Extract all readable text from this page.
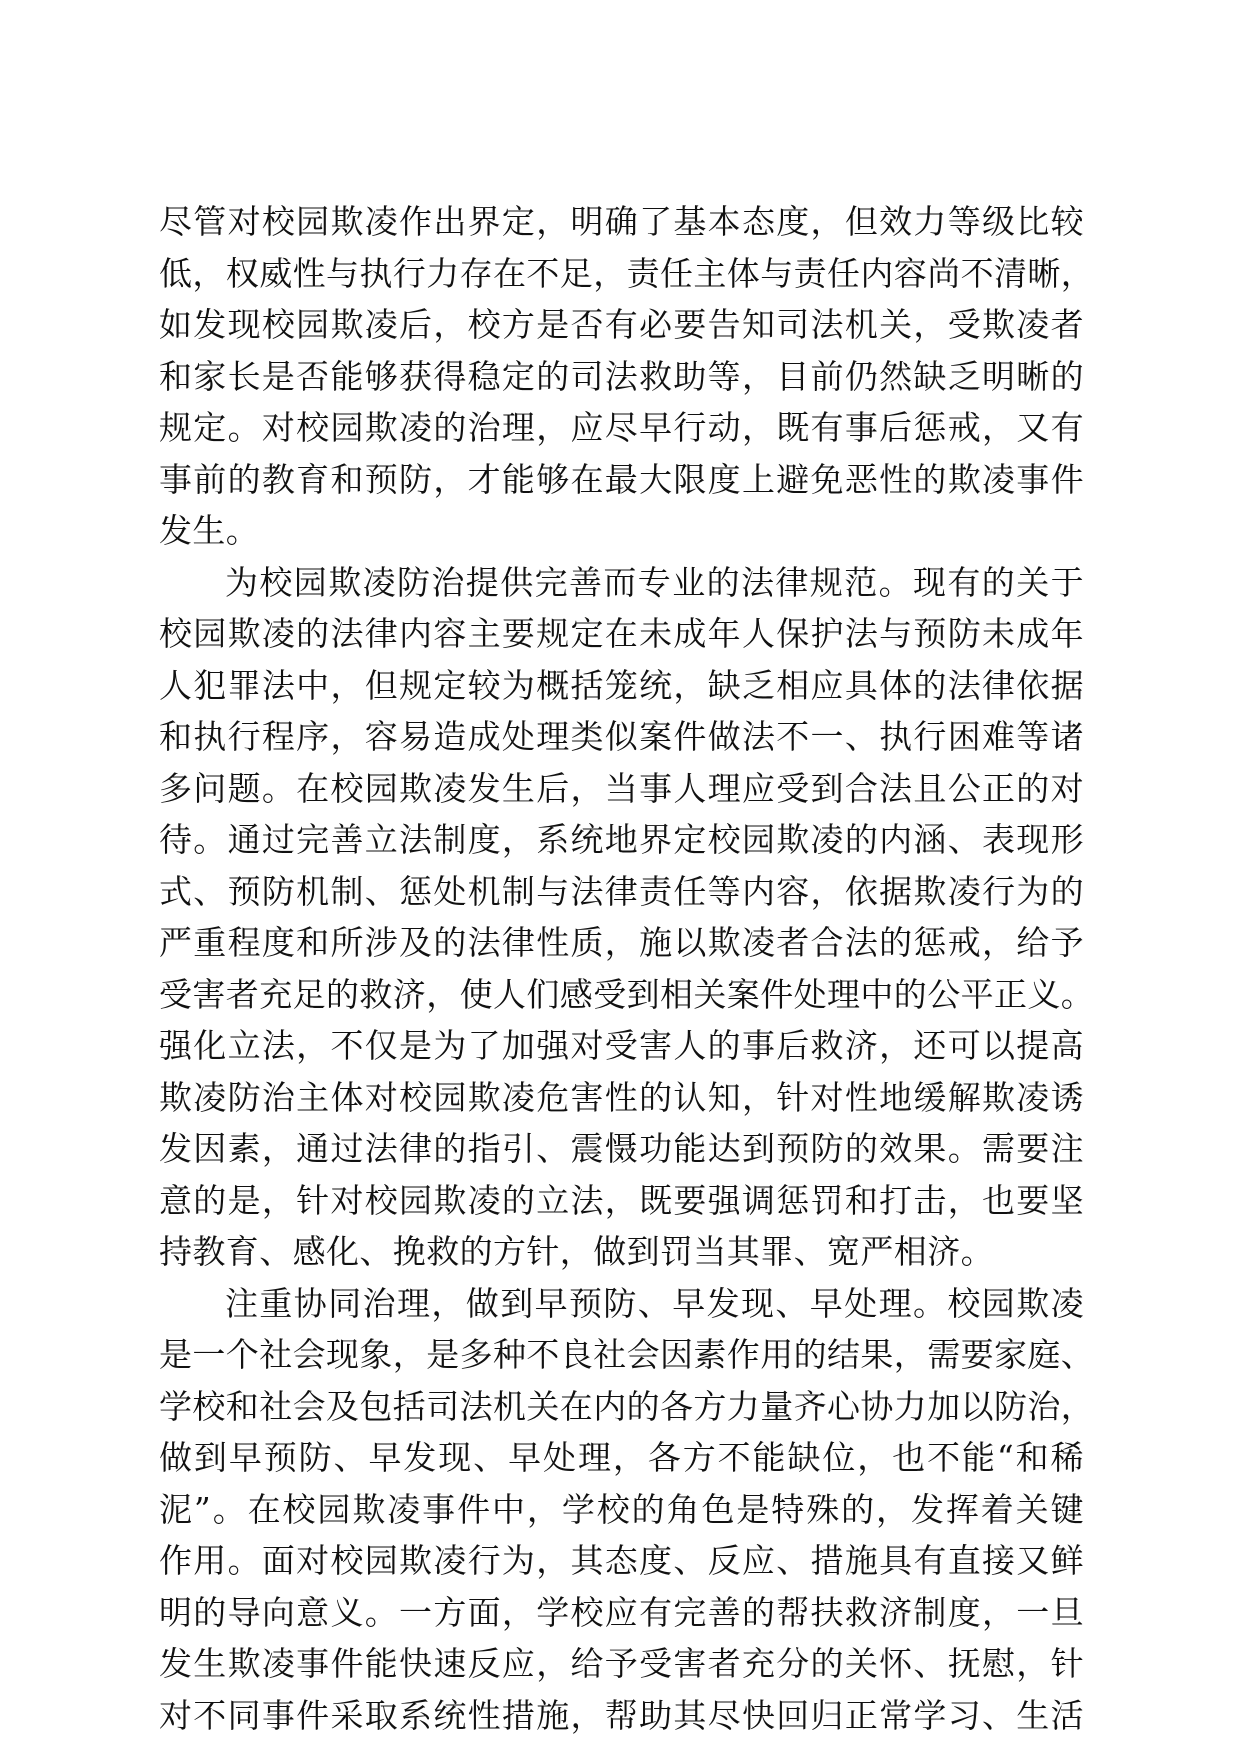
尽管对校园欺凌作出界定，明确了基本态度，但效力等级比较
低，权威性与执行力存在不足，责任主体与责任内容尚不清晰，
如发现校园欺凌后，校方是否有必要告知司法机关，受欺凌者
和家长是否能够获得稳定的司法救助等，目前仍然缺乏明晰的
规定。对校园欺凌的治理，应尽早行动，既有事后惩戒，又有
事前的教育和预防，才能够在最大限度上避免恶性的欺凌事件
发生。
为校园欺凌防治提供完善而专业的法律规范。现有的关于
校园欺凌的法律内容主要规定在未成年人保护法与预防未成年
人犯罪法中，但规定较为概括笼统，缺乏相应具体的法律依据
和执行程序，容易造成处理类似案件做法不一、执行困难等诸
多问题。在校园欺凌发生后，当事人理应受到合法且公正的对
待。通过完善立法制度，系统地界定校园欺凌的内涵、表现形
式、预防机制、惩处机制与法律责任等内容，依据欺凌行为的
严重程度和所涉及的法律性质，施以欺凌者合法的惩戒，给予
受害者充足的救济，使人们感受到相关案件处理中的公平正义。
强化立法，不仅是为了加强对受害人的事后救济，还可以提高
欺凌防治主体对校园欺凌危害性的认知，针对性地缓解欺凌诱
发因素，通过法律的指引、震慑功能达到预防的效果。需要注
意的是，针对校园欺凌的立法，既要强调惩罚和打击，也要坚
持教育、感化、挽救的方针，做到罚当其罪、宽严相济。
注重协同治理，做到早预防、早发现、早处理。校园欺凌
是一个社会现象，是多种不良社会因素作用的结果，需要家庭、
学校和社会及包括司法机关在内的各方力量齐心协力加以防治，
做到早预防、早发现、早处理，各方不能缺位，也不能“和稀
泥”。在校园欺凌事件中，学校的角色是特殊的，发挥着关键
作用。面对校园欺凌行为，其态度、反应、措施具有直接又鲜
明的导向意义。一方面，学校应有完善的帮扶救济制度，一旦
发生欺凌事件能快速反应，给予受害者充分的关怀、抚慰，针
对不同事件采取系统性措施，帮助其尽快回归正常学习、生活
